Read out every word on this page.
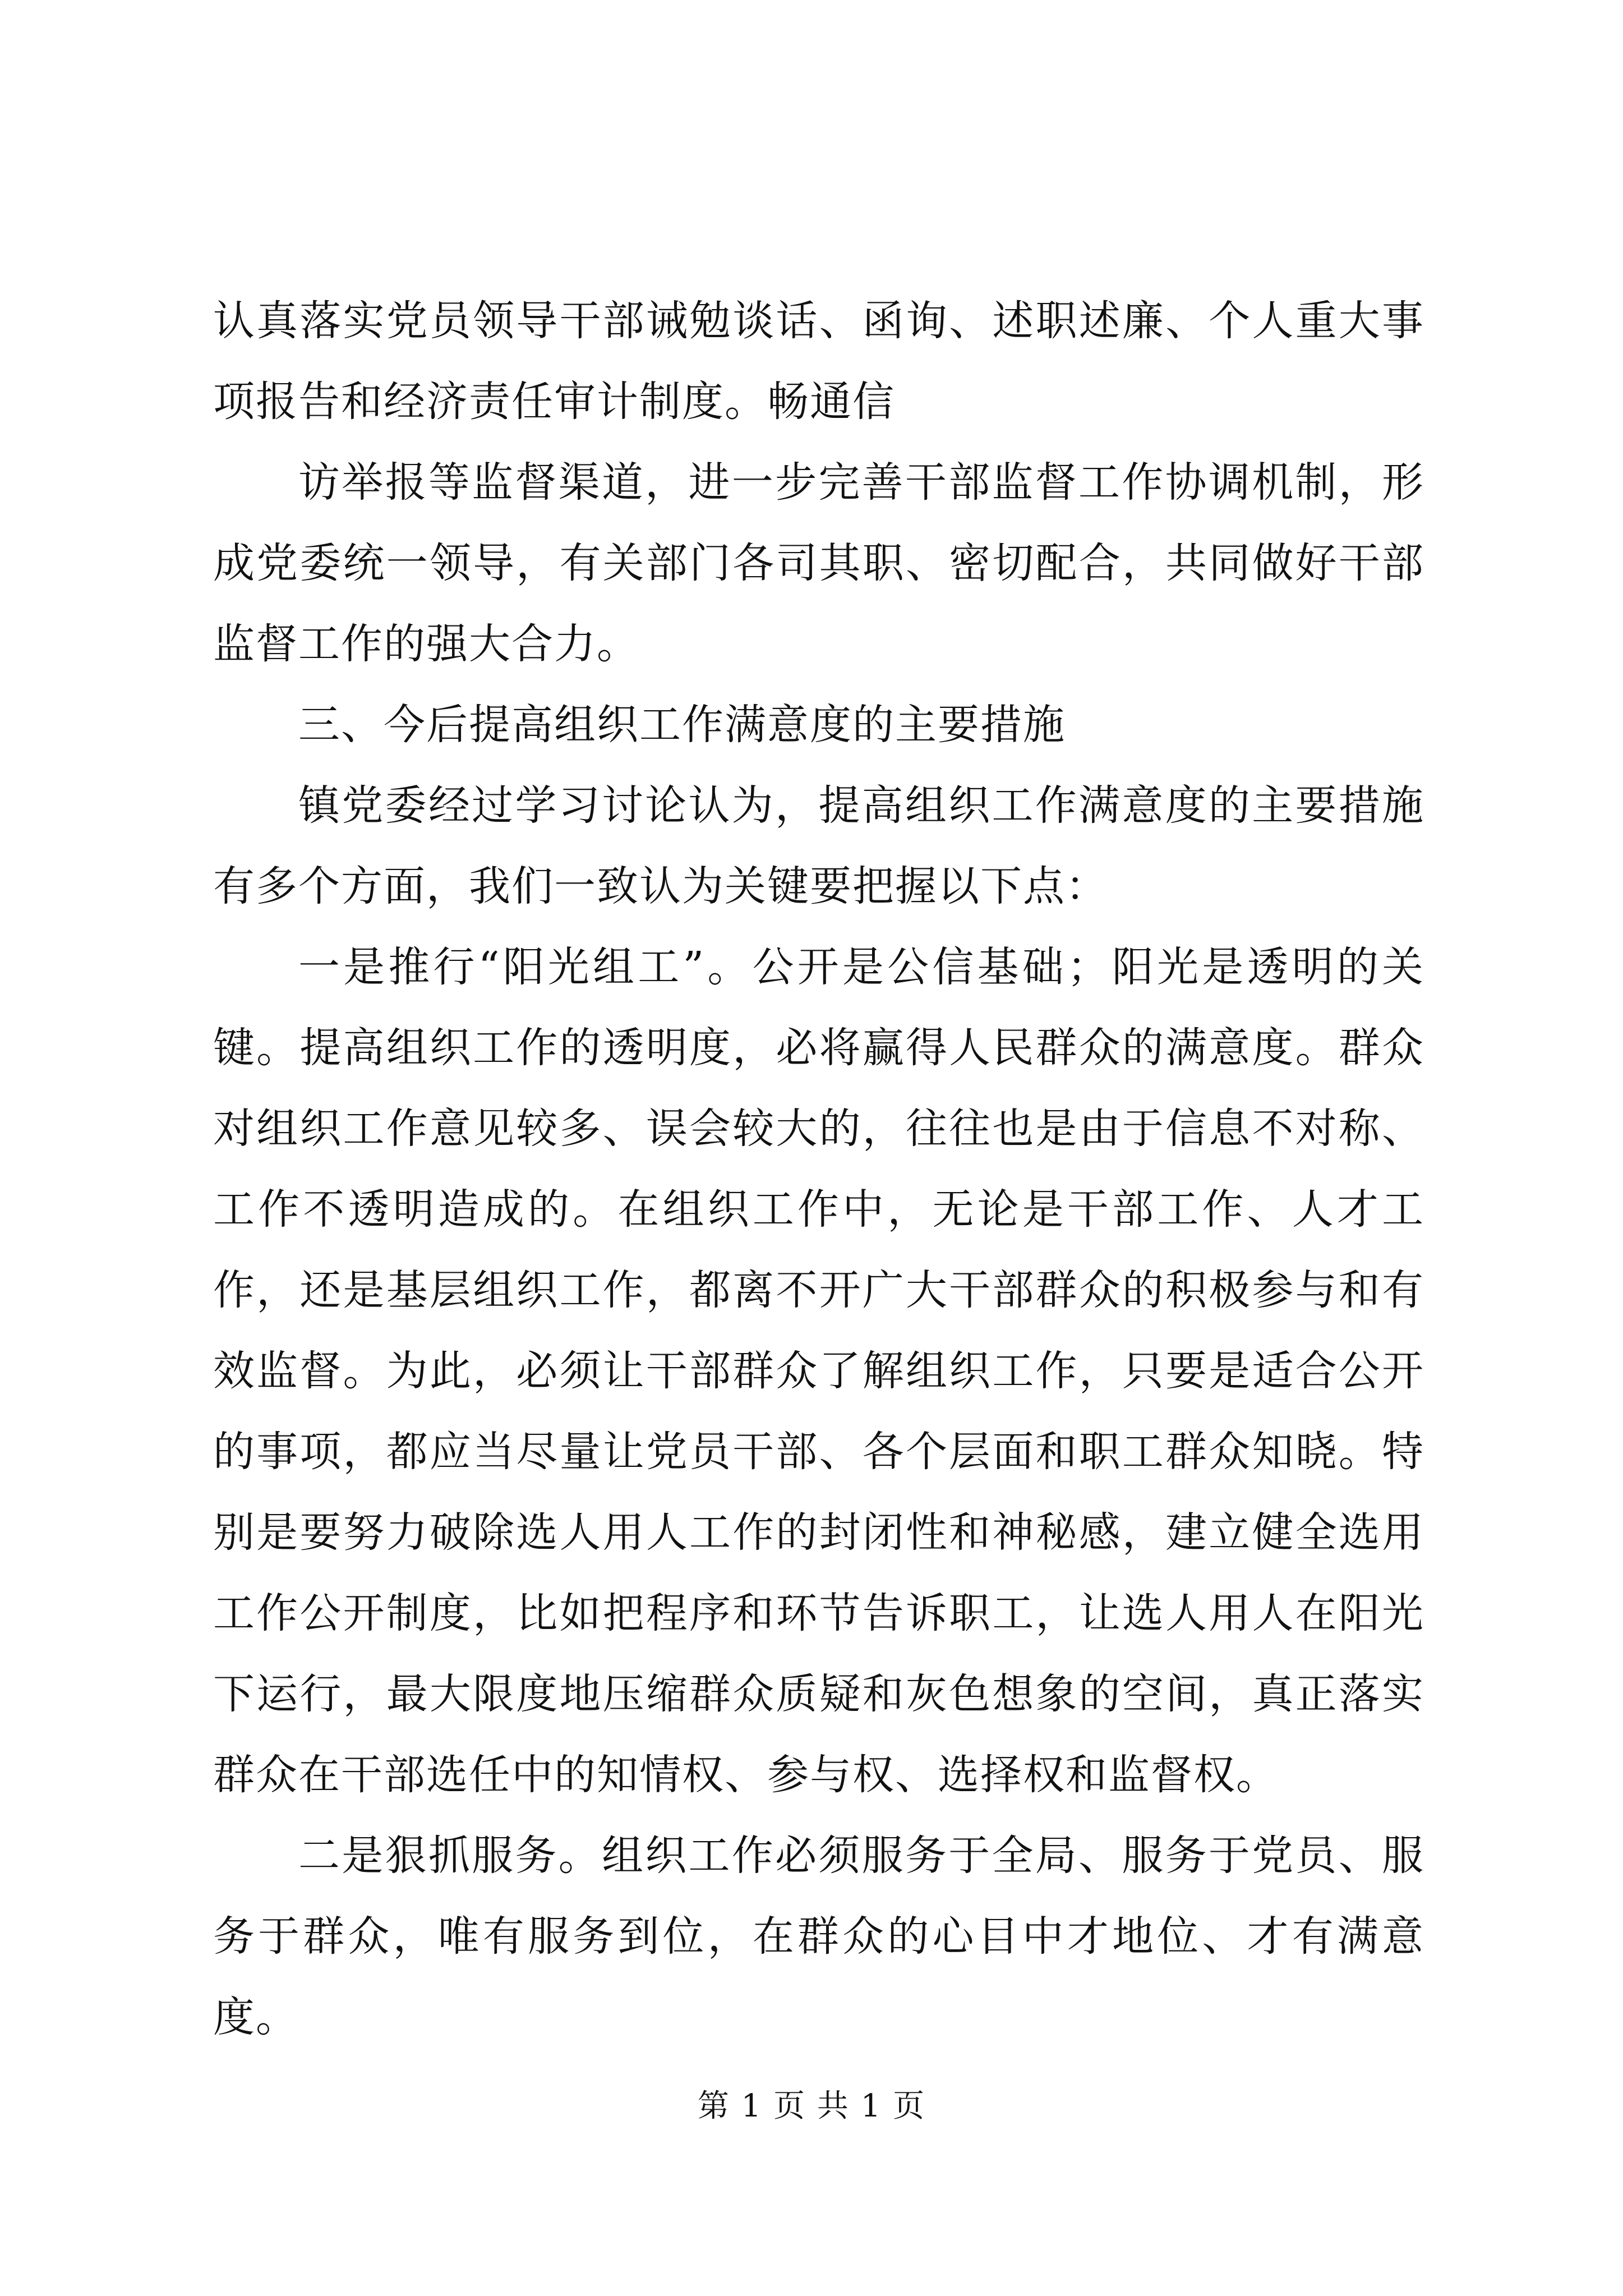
认真落实党员领导干部诫勉谈话、函询、述职述廉、个人重大事项报告和经济责任审计制度。畅通信

访举报等监督渠道，进一步完善干部监督工作协调机制，形成党委统一领导，有关部门各司其职、密切配合，共同做好干部监督工作的强大合力。

三、今后提高组织工作满意度的主要措施

镇党委经过学习讨论认为，提高组织工作满意度的主要措施有多个方面，我们一致认为关键要把握以下点：

一是推行“阳光组工”。公开是公信基础；阳光是透明的关键。提高组织工作的透明度，必将赢得人民群众的满意度。群众对组织工作意见较多、误会较大的，往往也是由于信息不对称、工作不透明造成的。在组织工作中，无论是干部工作、人才工作，还是基层组织工作，都离不开广大干部群众的积极参与和有效监督。为此，必须让干部群众了解组织工作，只要是适合公开的事项，都应当尽量让党员干部、各个层面和职工群众知晓。特别是要努力破除选人用人工作的封闭性和神秘感，建立健全选用工作公开制度，比如把程序和环节告诉职工，让选人用人在阳光下运行，最大限度地压缩群众质疑和灰色想象的空间，真正落实群众在干部选任中的知情权、参与权、选择权和监督权。

二是狠抓服务。组织工作必须服务于全局、服务于党员、服务于群众，唯有服务到位，在群众的心目中才地位、才有满意度。

第 1 页 共 1 页
